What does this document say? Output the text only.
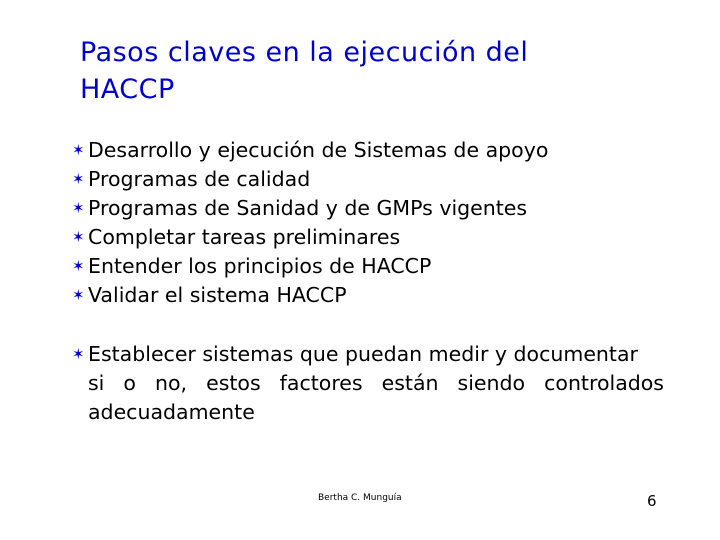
Pasos claves en la ejecución del
HACCP
✶ Desarrollo y ejecución de Sistemas de apoyo
✶ Programas de calidad
✶ Programas de Sanidad y de GMPs vigentes
✶ Completar tareas preliminares
✶ Entender los principios de HACCP
✶ Validar el sistema HACCP
✶ Establecer sistemas que puedan medir y documentar
si o no, estos factores están siendo controlados
adecuadamente
Bertha C. Munguía	6
